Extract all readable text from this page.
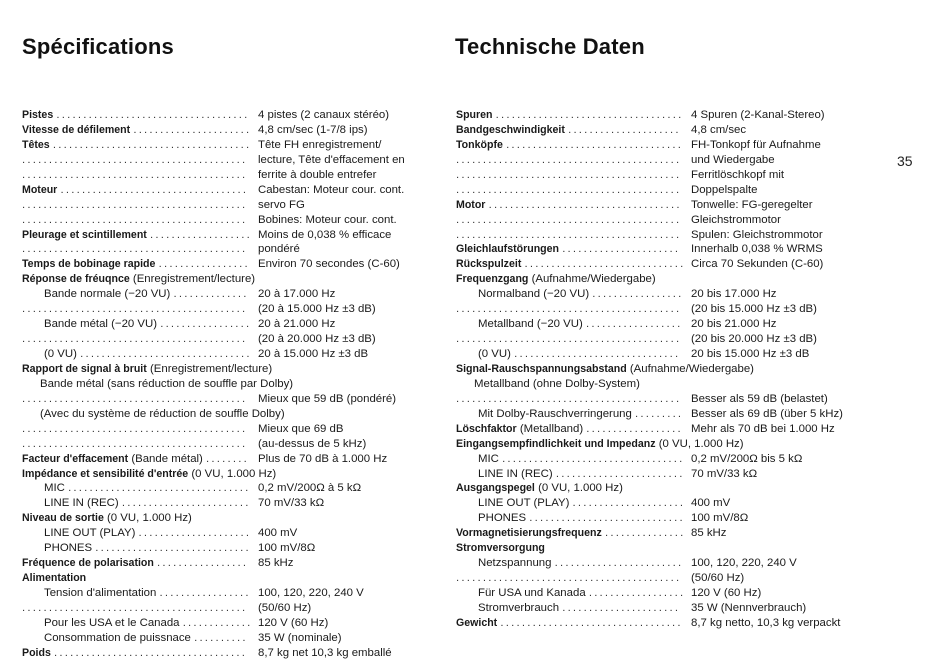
Spécifications	Technische Daten
35
Pistes .................................... 4 pistes (2 canaux stéréo)
Vitesse de défilement ...................... 4,8 cm/sec (1-7/8 ips)
Têtes ..................................... Tête FH enregistrement/
.......................................... lecture, Tête d'effacement en
.......................................... ferrite à double entrefer
Moteur ................................... Cabestan: Moteur cour. cont.
.......................................... servo FG
.......................................... Bobines: Moteur cour. cont.
Pleurage et scintillement ................... Moins de 0,038 % efficace
.......................................... pondéré
Temps de bobinage rapide ................. Environ 70 secondes (C-60)
Réponse de fréuqnce (Enregistrement/lecture)
Bande normale (−20 VU) .............. 20 à 17.000 Hz
.......................................... (20 à 15.000 Hz ±3 dB)
Bande métal (−20 VU) ................. 20 à 21.000 Hz
.......................................... (20 à 20.000 Hz ±3 dB)
(0 VU) ................................ 20 à 15.000 Hz ±3 dB
Rapport de signal à bruit (Enregistrement/lecture)
Bande métal (sans réduction de souffle par Dolby)
.......................................... Mieux que 59 dB (pondéré)
(Avec du système de réduction de souffle Dolby)
.......................................... Mieux que 69 dB
.......................................... (au-dessus de 5 kHz)
Facteur d'effacement (Bande métal) ........ Plus de 70 dB à 1.000 Hz
Impédance et sensibilité d'entrée (0 VU, 1.000 Hz)
MIC .................................. 0,2 mV/200Ω à 5 kΩ
LINE IN (REC) ........................ 70 mV/33 kΩ
Niveau de sortie (0 VU, 1.000 Hz)
LINE OUT (PLAY) ..................... 400 mV
PHONES ............................. 100 mV/8Ω
Fréquence de polarisation ................. 85 kHz
Alimentation
Tension d'alimentation ................. 100, 120, 220, 240 V
.......................................... (50/60 Hz)
Pour les USA et le Canada ............. 120 V (60 Hz)
Consommation de puissnace .......... 35 W (nominale)
Poids .................................... 8,7 kg net 10,3 kg emballé
Spuren ................................... 4 Spuren (2-Kanal-Stereo)
Bandgeschwindigkeit ..................... 4,8 cm/sec
Tonköpfe ................................. FH-Tonkopf für Aufnahme
.......................................... und Wiedergabe
.......................................... Ferritlöschkopf mit
.......................................... Doppelspalte
Motor .................................... Tonwelle: FG-geregelter
.......................................... Gleichstrommotor
.......................................... Spulen: Gleichstrommotor
Gleichlaufstörungen ...................... Innerhalb 0,038 % WRMS
Rückspulzeit .............................. Circa 70 Sekunden (C-60)
Frequenzgang (Aufnahme/Wiedergabe)
Normalband (−20 VU) ................. 20 bis 17.000 Hz
.......................................... (20 bis 15.000 Hz ±3 dB)
Metallband (−20 VU) .................. 20 bis 21.000 Hz
.......................................... (20 bis 20.000 Hz ±3 dB)
(0 VU) ............................... 20 bis 15.000 Hz ±3 dB
Signal-Rauschspannungsabstand (Aufnahme/Wiedergabe)
Metallband (ohne Dolby-System)
.......................................... Besser als 59 dB (belastet)
Mit Dolby-Rauschverringerung ......... Besser als 69 dB (über 5 kHz)
Löschfaktor (Metallband) .................. Mehr als 70 dB bei 1.000 Hz
Eingangsempfindlichkeit und Impedanz (0 VU, 1.000 Hz)
MIC .................................. 0,2 mV/200Ω bis 5 kΩ
LINE IN (REC) ........................ 70 mV/33 kΩ
Ausgangspegel (0 VU, 1.000 Hz)
LINE OUT (PLAY) ..................... 400 mV
PHONES ............................. 100 mV/8Ω
Vormagnetisierungsfrequenz ............... 85 kHz
Stromversorgung
Netzspannung ........................ 100, 120, 220, 240 V
.......................................... (50/60 Hz)
Für USA und Kanada .................. 120 V (60 Hz)
Stromverbrauch ...................... 35 W (Nennverbrauch)
Gewicht .................................. 8,7 kg netto, 10,3 kg verpackt
